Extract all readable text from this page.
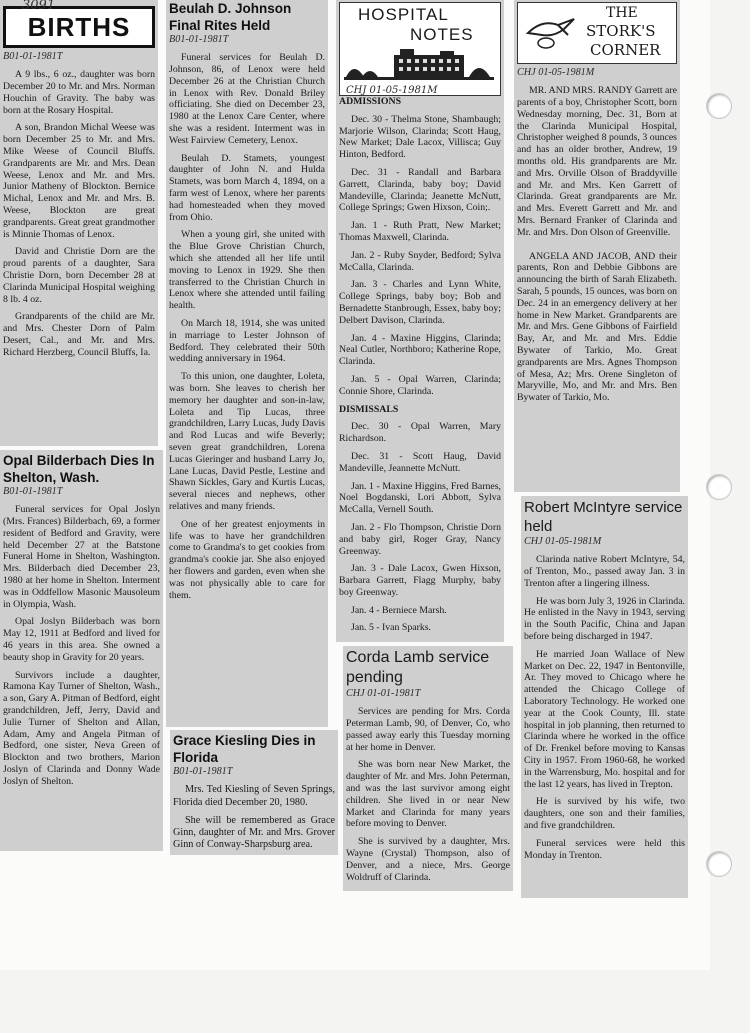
3091
BIRTHS

B01-01-1981T

A 9 lbs., 6 oz., daughter was born December 20 to Mr. and Mrs. Norman Houchin of Gravity. The baby was born at the Rosary Hospital.

A son, Brandon Michal Weese was born December 25 to Mr. and Mrs. Mike Weese of Council Bluffs. Grandparents are Mr. and Mrs. Dean Weese, Lenox and Mr. and Mrs. Junior Matheny of Blockton. Bernice Michal, Lenox and Mr. and Mrs. B. Weese, Blockton are great grandparents. Great great grandmother is Minnie Thomas of Lenox.

David and Christie Dorn are the proud parents of a daughter, Sara Christie Dorn, born December 28 at Clarinda Municipal Hospital weighing 8 lb. 4 oz.

Grandparents of the child are Mr. and Mrs. Chester Dorn of Palm Desert, Cal., and Mr. and Mrs. Richard Herzberg, Council Bluffs, Ia.

Opal Bilderbach Dies In Shelton, Wash.

B01-01-1981T

Funeral services for Opal Joslyn (Mrs. Frances) Bilderbach, 69, a former resident of Bedford and Gravity, were held December 27 at the Batstone Funeral Home in Shelton, Washington. Mrs. Bilderbach died December 23, 1980 at her home in Shelton. Interment was in Oddfellow Masonic Mausoleum in Olympia, Wash.

Opal Joslyn Bilderbach was born May 12, 1911 at Bedford and lived for 46 years in this area. She owned a beauty shop in Gravity for 20 years.

Survivors include a daughter, Ramona Kay Turner of Shelton, Wash., a son, Gary A. Pitman of Bedford, eight grandchildren, Jeff, Jerry, David and Julie Turner of Shelton and Allan, Adam, Amy and Angela Pitman of Bedford, one sister, Neva Green of Blockton and two brothers, Marion Joslyn of Clarinda and Donny Wade Joslyn of Shelton.

Beulah D. Johnson Final Rites Held

B01-01-1981T

Funeral services for Beulah D. Johnson, 86, of Lenox were held December 26 at the Christian Church in Lenox with Rev. Donald Briley officiating. She died on December 23, 1980 at the Lenox Care Center, where she was a resident. Interment was in West Fairview Cemetery, Lenox.

Beulah D. Stamets, youngest daughter of John N. and Hulda Stamets, was born March 4, 1894, on a farm west of Lenox, where her parents had homesteaded when they moved from Ohio.

When a young girl, she united with the Blue Grove Christian Church, which she attended all her life until moving to Lenox in 1929. She then transferred to the Christian Church in Lenox where she attended until failing health.

On March 18, 1914, she was united in marriage to Lester Johnson of Bedford. They celebrated their 50th wedding anniversary in 1964.

To this union, one daughter, Loleta, was born. She leaves to cherish her memory her daughter and son-in-law, Loleta and Tip Lucas, three grandchildren, Larry Lucas, Judy Davis and Rod Lucas and wife Beverly; seven great grandchildren, Lorena Lucas Gieringer and husband Larry Jo, Lane Lucas, David Pestle, Lestine and Shawn Sickles, Gary and Kurtis Lucas, several nieces and nephews, other relatives and many friends.

One of her greatest enjoyments in life was to have her grandchildren come to Grandma's to get cookies from grandma's cookie jar. She also enjoyed her flowers and garden, even when she was not physically able to care for them.

Grace Kiesling Dies in Florida

B01-01-1981T

Mrs. Ted Kiesling of Seven Springs, Florida died December 20, 1980.

She will be remembered as Grace Ginn, daughter of Mr. and Mrs. Grover Ginn of Conway-Sharpsburg area.

HOSPITAL
NOTES
CHJ 01-05-1981M

ADMISSIONS

Dec. 30 - Thelma Stone, Shambaugh; Marjorie Wilson, Clarinda; Scott Haug, New Market; Dale Lacox, Villisca; Guy Hinton, Bedford.

Dec. 31 - Randall and Barbara Garrett, Clarinda, baby boy; David Mandeville, Clarinda; Jeanette McNutt, College Springs; Gwen Hixson, Coin;.

Jan. 1 - Ruth Pratt, New Market; Thomas Maxwell, Clarinda.

Jan. 2 - Ruby Snyder, Bedford; Sylva McCalla, Clarinda.

Jan. 3 - Charles and Lynn White, College Springs, baby boy; Bob and Bernadette Stanbrough, Essex, baby boy; Delbert Davison, Clarinda.

Jan. 4 - Maxine Higgins, Clarinda; Neal Cutler, Northboro; Katherine Rope, Clarinda.

Jan. 5 - Opal Warren, Clarinda; Connie Shore, Clarinda.

DISMISSALS

Dec. 30 - Opal Warren, Mary Richardson.

Dec. 31 - Scott Haug, David Mandeville, Jeannette McNutt.

Jan. 1 - Maxine Higgins, Fred Barnes, Noel Bogdanski, Lori Abbott, Sylva McCalla, Vernell South.

Jan. 2 - Flo Thompson, Christie Dorn and baby girl, Roger Gray, Nancy Greenway.

Jan. 3 - Dale Lacox, Gwen Hixson, Barbara Garrett, Flagg Murphy, baby boy Greenway.

Jan. 4 - Berniece Marsh.

Jan. 5 - Ivan Sparks.

Corda Lamb service pending

CHJ 01-01-1981T

Services are pending for Mrs. Corda Peterman Lamb, 90, of Denver, Co, who passed away early this Tuesday morning at her home in Denver.

She was born near New Market, the daughter of Mr. and Mrs. John Peterman, and was the last survivor among eight children. She lived in or near New Market and Clarinda for many years before moving to Denver.

She is survived by a daughter, Mrs. Wayne (Crystal) Thompson, also of Denver, and a niece, Mrs. George Woldruff of Clarinda.

THE
STORK'S
CORNER

CHJ 01-05-1981M

MR. AND MRS. RANDY Garrett are parents of a boy, Christopher Scott, born Wednesday morning, Dec. 31, Born at the Clarinda Municipal Hospital, Christopher weighed 8 pounds, 3 ounces and has an older brother, Andrew, 19 months old. His grandparents are Mr. and Mrs. Orville Olson of Braddyville and Mr. and Mrs. Ken Garrett of Clarinda. Great grandparents are Mr. and Mrs. Everett Garrett and Mr. and Mrs. Bernard Franker of Clarinda and Mr. and Mrs. Don Olson of Greenville.

ANGELA AND JACOB, AND their parents, Ron and Debbie Gibbons are announcing the birth of Sarah Elizabeth. Sarah, 5 pounds, 15 ounces, was born on Dec. 24 in an emergency delivery at her home in New Market. Grandparents are Mr. and Mrs. Gene Gibbons of Fairfield Bay, Ar, and Mr. and Mrs. Eddie Bywater of Tarkio, Mo. Great grandparents are Mrs. Agnes Thompson of Mesa, Az; Mrs. Orene Singleton of Maryville, Mo, and Mr. and Mrs. Ben Bywater of Tarkio, Mo.

Robert McIntyre service held

CHJ 01-05-1981M

Clarinda native Robert McIntyre, 54, of Trenton, Mo., passed away Jan. 3 in Trenton after a lingering illness.

He was born July 3, 1926 in Clarinda. He enlisted in the Navy in 1943, serving in the South Pacific, China and Japan before being discharged in 1947.

He married Joan Wallace of New Market on Dec. 22, 1947 in Bentonville, Ar. They moved to Chicago where he attended the Chicago College of Laboratory Technology. He worked one year at the Cook County, Ill. state hospital in job planning, then returned to Clarinda where he worked in the office of Dr. Frenkel before moving to Kansas City in 1957. From 1960-68, he worked in the Warrensburg, Mo. hospital and for the last 12 years, has lived in Trepton.

He is survived by his wife, two daughters, one son and their families, and five grandchildren.

Funeral services were held this Monday in Trenton.
